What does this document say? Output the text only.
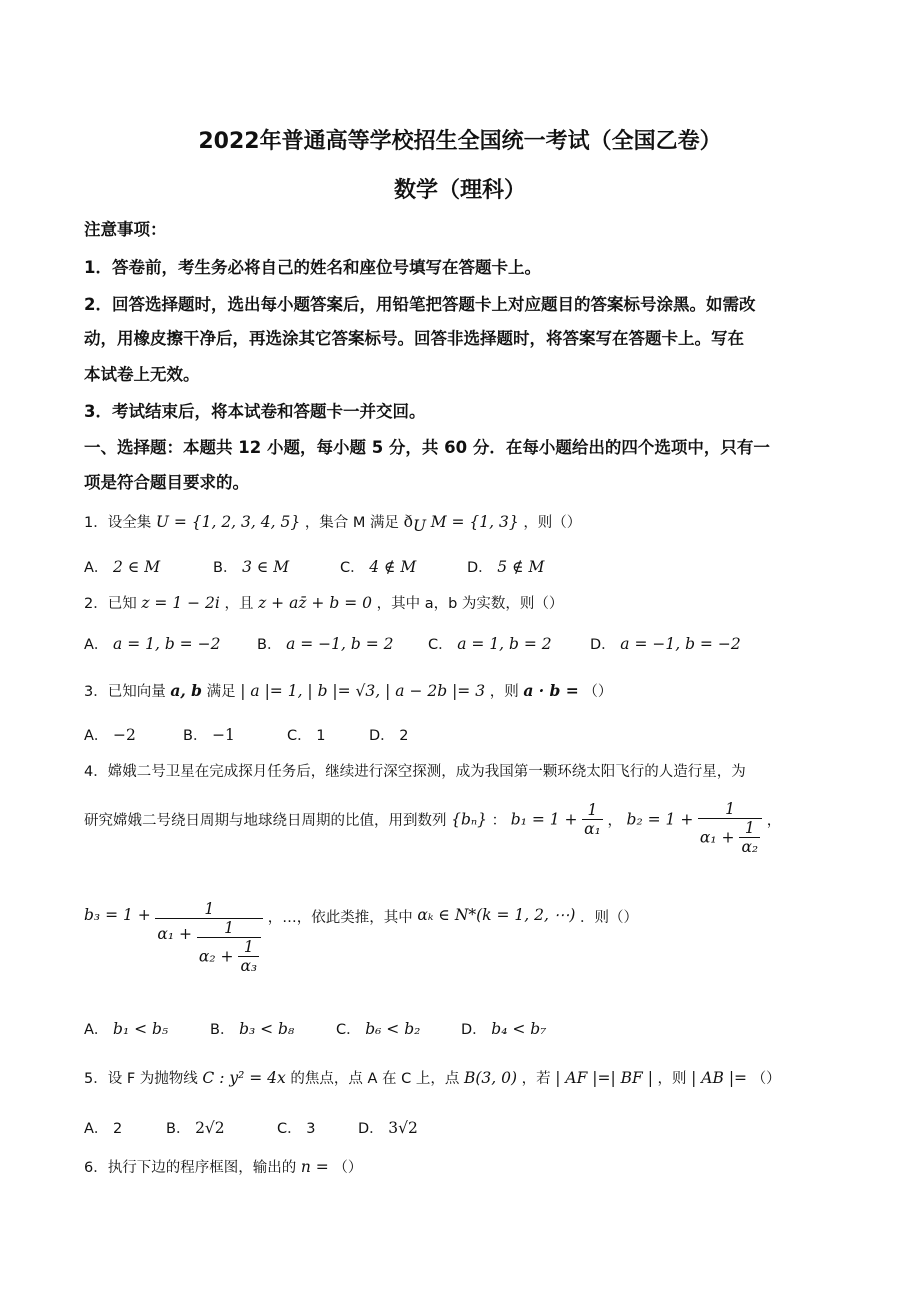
2022年普通高等学校招生全国统一考试（全国乙卷）
数学（理科）
注意事项：
1．答卷前，考生务必将自己的姓名和座位号填写在答题卡上。
2．回答选择题时，选出每小题答案后，用铅笔把答题卡上对应题目的答案标号涂黑。如需改
动，用橡皮擦干净后，再选涂其它答案标号。回答非选择题时，将答案写在答题卡上。写在
本试卷上无效。
3．考试结束后，将本试卷和答题卡一并交回。
一、选择题：本题共 12 小题，每小题 5 分，共 60 分．在每小题给出的四个选项中，只有一
项是符合题目要求的。
1．设全集 U = {1, 2, 3, 4, 5} ，集合 M 满足 $ð_U$ M = {1, 3} ，则（）
A． 2 ∈ M	B． 3 ∈ M	C． 4 ∉ M	D． 5 ∉ M
2．已知 z = 1 − 2i ，且 z + az̄ + b = 0 ，其中 a，b 为实数，则（）
A． a = 1, b = −2	B． a = −1, b = 2 C． a = 1, b = 2	D． a = −1, b = −2
3．已知向量 a, b 满足 | a |= 1, | b |= √3, | a − 2b |= 3 ，则 a · b = （）
A． −2	B． −1	C． 1	D． 2
4．嫦娥二号卫星在完成探月任务后，继续进行深空探测，成为我国第一颗环绕太阳飞行的人造行星，为
研究嫦娥二号绕日周期与地球绕日周期的比值，用到数列 {bₙ} ： $b_1 = 1 + \frac{1}{\text{α₁}}$ ， $b_2 = 1 + \frac{1}{\alpha_1 + \frac{1}{\text{α₂}}}$ ，
b₃ = 1 +	1
$\alpha_1 + \frac{1}{\alpha_2 + \frac{1}{\text{α₃}}}$
，…，依此类推，其中 αₖ ∈ N*(k = 1, 2, ⋯) ．则（）
A． b₁ < b₅	B． b₃ < b₈	C． b₆ < b₂	D． b₄ < b₇
5．设 F 为抛物线 C : y² = 4x 的焦点，点 A 在 C 上，点 B(3, 0) ，若 | AF |=| BF | ，则 | AB |= （）
A． 2	B． 2√2	C． 3	D． 3√2
6．执行下边的程序框图，输出的 n = （）
